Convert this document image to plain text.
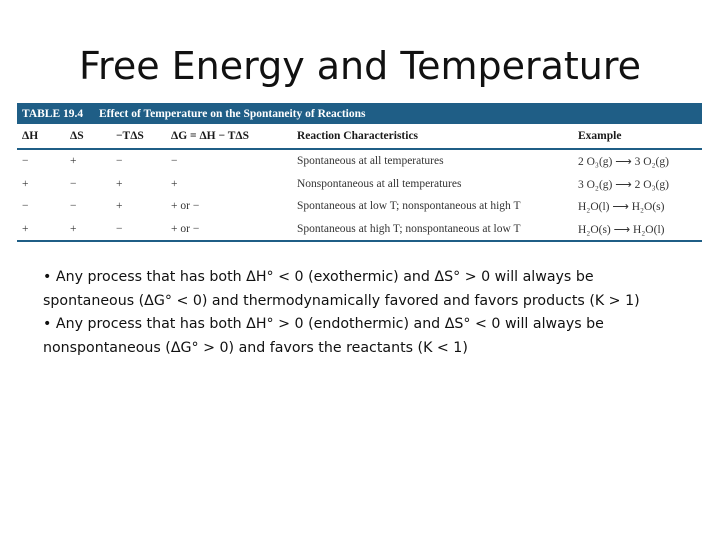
Free Energy and Temperature
TABLE 19.4	Effect of Temperature on the Spontaneity of Reactions
ΔH	ΔS	−TΔS	ΔG = ΔH − TΔS	Reaction Characteristics	Example
−	+	−	−	Spontaneous at all temperatures	2 O₃(g) ⟶ 3 O₂(g)
+	−	+	+	Nonspontaneous at all temperatures	3 O₂(g) ⟶ 2 O₃(g)
−	−	+	+ or −	Spontaneous at low T; nonspontaneous at high T	H₂O(l) ⟶ H₂O(s)
+	+	−	+ or −	Spontaneous at high T; nonspontaneous at low T	H₂O(s) ⟶ H₂O(l)

• Any process that has both ΔH° < 0 (exothermic) and ΔS° > 0 will always be spontaneous (ΔG° < 0) and thermodynamically favored and favors products (K > 1)

• Any process that has both ΔH° > 0 (endothermic) and ΔS° < 0 will always be nonspontaneous (ΔG° > 0) and favors the reactants (K < 1)
